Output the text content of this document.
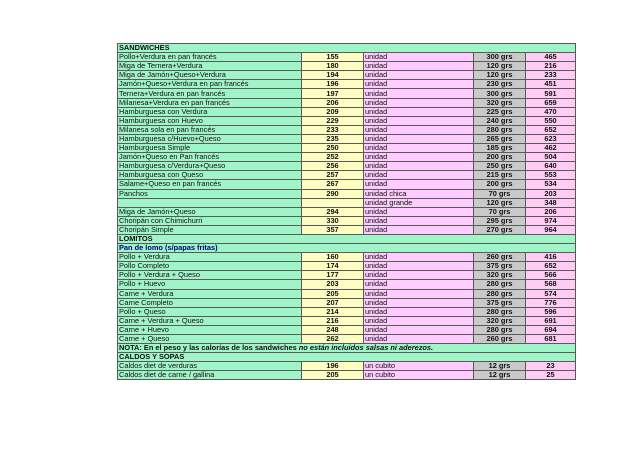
SANDWICHES				
Pollo+Verdura en pan francés	155	unidad	300 grs	465
Miga de Ternera+Verdura	180	unidad	120 grs	216
Miga de Jamón+Queso+Verdura	194	unidad	120 grs	233
Jamón+Queso+Verdura en pan francés	196	unidad	230 grs	451
Ternera+Verdura en pan francés	197	unidad	300 grs	591
Milanesa+Verdura en pan francés	206	unidad	320 grs	659
Hamburguesa con Verdura	209	unidad	225 grs	470
Hamburguesa con Huevo	229	unidad	240 grs	550
Milanesa sola en pan francés	233	unidad	280 grs	652
Hamburguesa c/Huevo+Queso	235	unidad	265 grs	623
Hamburguesa Simple	250	unidad	185 grs	462
Jamón+Queso en Pan francés	252	unidad	200 grs	504
Hamburguesa c/Verdura+Queso	256	unidad	250 grs	640
Hamburguesa con Queso	257	unidad	215 grs	553
Salame+Queso en pan francés	267	unidad	200 grs	534
Panchos	290	unidad chica	70 grs	203
		unidad grande	120 grs	348
Miga de Jamón+Queso	294	unidad	70 grs	206
Choripán con Chimichurri	330	unidad	295 grs	974
Choripán Simple	357	unidad	270 grs	964
LOMITOS				
Pan de lomo (s/papas fritas)				
Pollo + Verdura	160	unidad	260 grs	416
Pollo Completo	174	unidad	375 grs	652
Pollo + Verdura + Queso	177	unidad	320 grs	566
Pollo + Huevo	203	unidad	280 grs	568
Carne + Verdura	205	unidad	280 grs	574
Carne Completo	207	unidad	375 grs	776
Pollo + Queso	214	unidad	280 grs	596
Carne + Verdura + Queso	216	unidad	320 grs	691
Carne + Huevo	248	unidad	280 grs	694
Carne + Queso	262	unidad	260 grs	681
NOTA: En el peso y las calorías de los sandwiches no están incluidos salsas ni aderezos.				
CALDOS Y SOPAS				
Caldos diet de verduras	196	un cubito	12 grs	23
Caldos diet de carne / gallina	205	un cubito	12 grs	25
